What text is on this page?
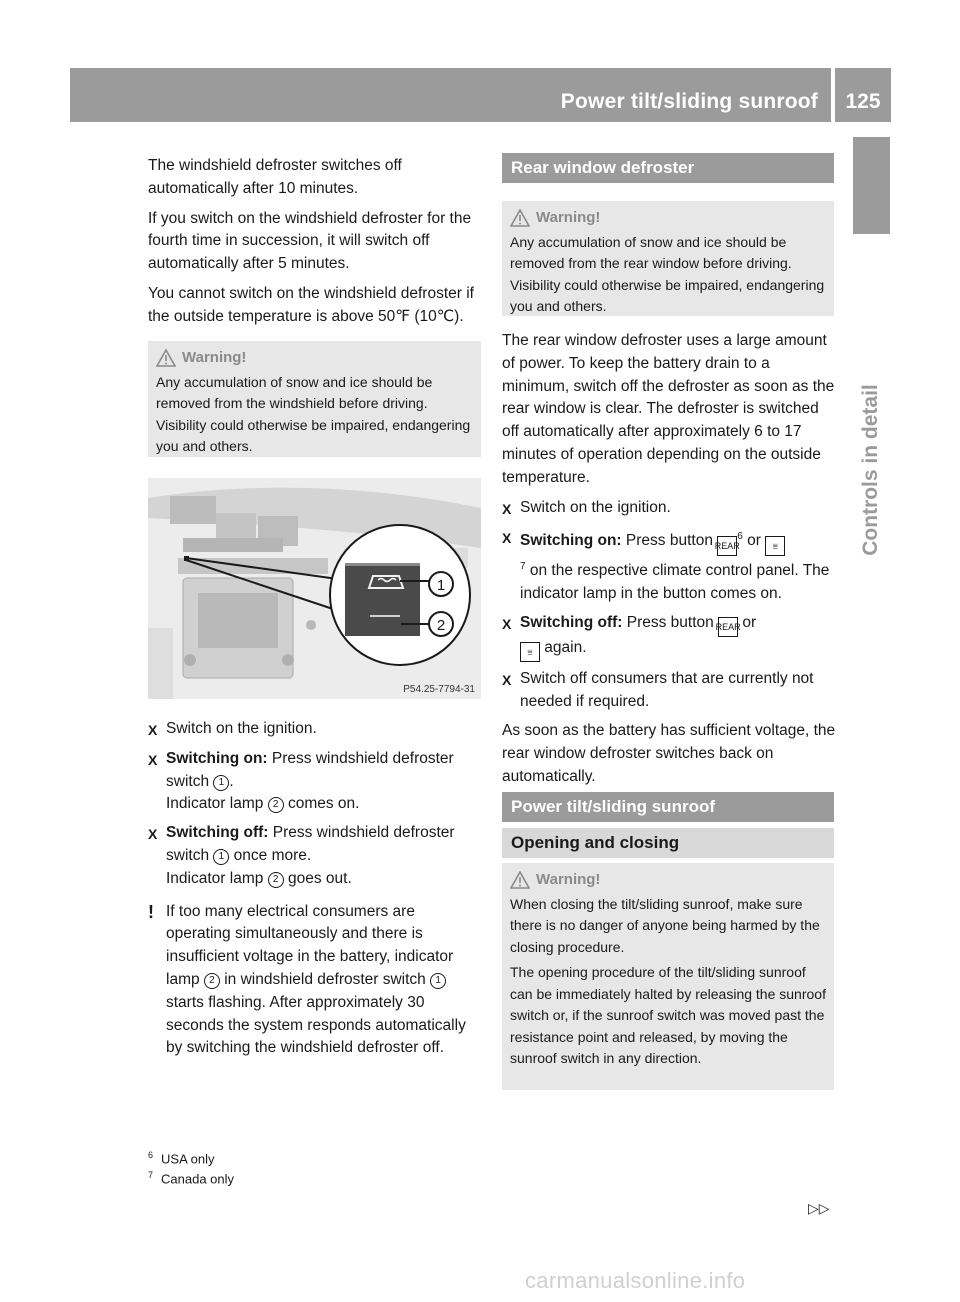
Power tilt/sliding sunroof	125
Controls in detail

The windshield defroster switches off automatically after 10 minutes.

If you switch on the windshield defroster for the fourth time in succession, it will switch off automatically after 5 minutes.

You cannot switch on the windshield defroster if the outside temperature is above 50℉ (10℃).

Warning!

Any accumulation of snow and ice should be removed from the windshield before driving. Visibility could otherwise be impaired, endangering you and others.

1
2
P54.25-7794-31
X Switch on the ignition.
X Switching on: Press windshield defroster switch 1 .
Indicator lamp 2 comes on.
X Switching off: Press windshield defroster switch 1 once more.
Indicator lamp 2 goes out.
! If too many electrical consumers are operating simultaneously and there is insufficient voltage in the battery, indicator lamp 2 in windshield defroster switch 1 starts flashing. After approximately 30 seconds the system responds automatically by switching the windshield defroster off.
Rear window defroster
Warning!

Any accumulation of snow and ice should be removed from the rear window before driving. Visibility could otherwise be impaired, endangering you and others.

The rear window defroster uses a large amount of power. To keep the battery drain to a minimum, switch off the defroster as soon as the rear window is clear. The defroster is switched off automatically after approximately 6 to 17 minutes of operation depending on the outside temperature.

X Switch on the ignition.
X Switching on: Press button REAR$^6$ or ⩸
$^7$ on the respective climate control panel. The indicator lamp in the button comes on.
X Switching off: Press button REAR or
⩸ again.
X Switch off consumers that are currently not needed if required.

As soon as the battery has sufficient voltage, the rear window defroster switches back on automatically.

Power tilt/sliding sunroof
Opening and closing
Warning!

When closing the tilt/sliding sunroof, make sure there is no danger of anyone being harmed by the closing procedure.

The opening procedure of the tilt/sliding sunroof can be immediately halted by releasing the sunroof switch or, if the sunroof switch was moved past the resistance point and released, by moving the sunroof switch in any direction.

$^6$ USA only
$^7$ Canada only
▷▷
carmanualsonline.info
